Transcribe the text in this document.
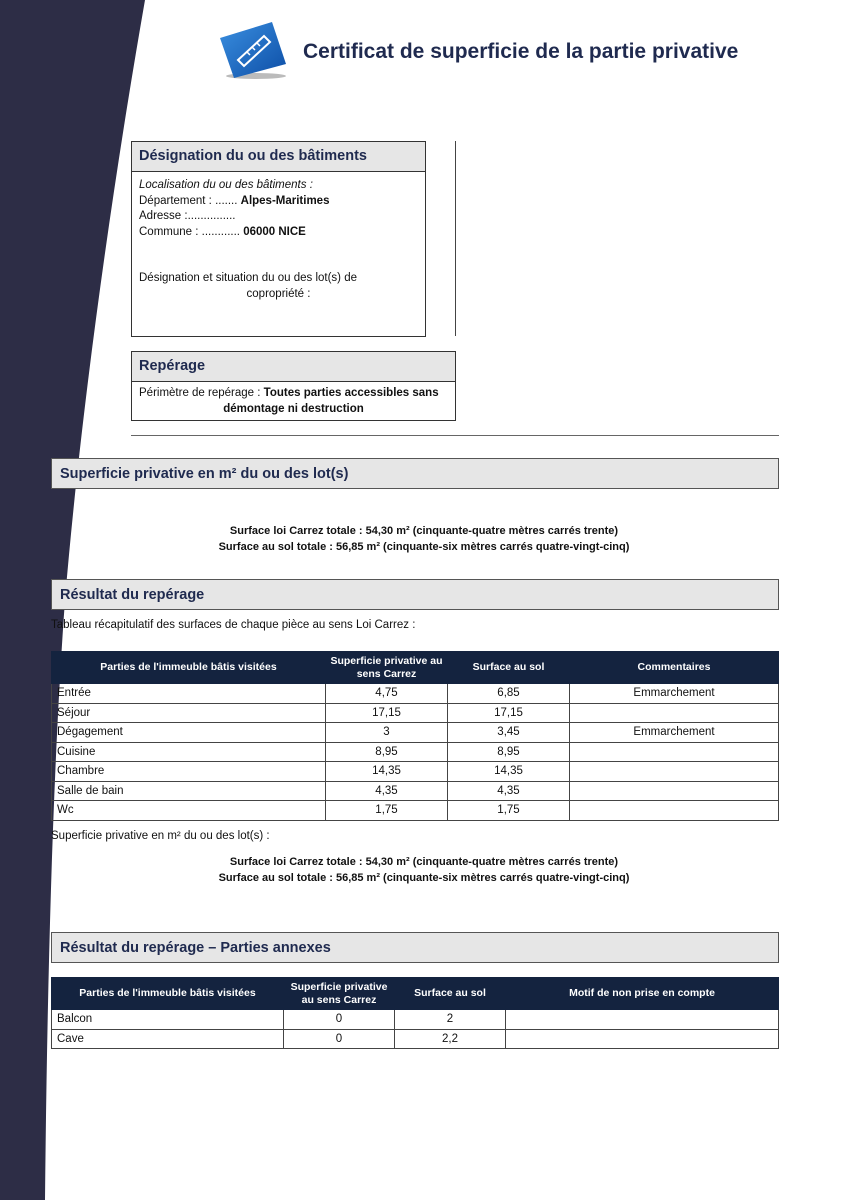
Certificat de superficie de la partie privative
Désignation du ou des bâtiments
Localisation du ou des bâtiments :
Département : ....... Alpes-Maritimes
Adresse :...............
Commune : ............ 06000 NICE
Désignation et situation du ou des lot(s) de
copropriété :
Repérage
Périmètre de repérage : Toutes parties accessibles sans
démontage ni destruction
Superficie privative en m² du ou des lot(s)
Surface loi Carrez totale : 54,30 m² (cinquante-quatre mètres carrés trente)
Surface au sol totale : 56,85 m² (cinquante-six mètres carrés quatre-vingt-cinq)
Résultat du repérage
Tableau récapitulatif des surfaces de chaque pièce au sens Loi Carrez :
Parties de l'immeuble bâtis visitées	Superficie privative au sens Carrez	Surface au sol	Commentaires
Entrée	4,75	6,85	Emmarchement
Séjour	17,15	17,15	
Dégagement	3	3,45	Emmarchement
Cuisine	8,95	8,95	
Chambre	14,35	14,35	
Salle de bain	4,35	4,35	
Wc	1,75	1,75	
Superficie privative en m² du ou des lot(s) :
Surface loi Carrez totale : 54,30 m² (cinquante-quatre mètres carrés trente)
Surface au sol totale : 56,85 m² (cinquante-six mètres carrés quatre-vingt-cinq)
Résultat du repérage – Parties annexes
Parties de l'immeuble bâtis visitées	Superficie privative au sens Carrez	Surface au sol	Motif de non prise en compte
Balcon	0	2	
Cave	0	2,2	
